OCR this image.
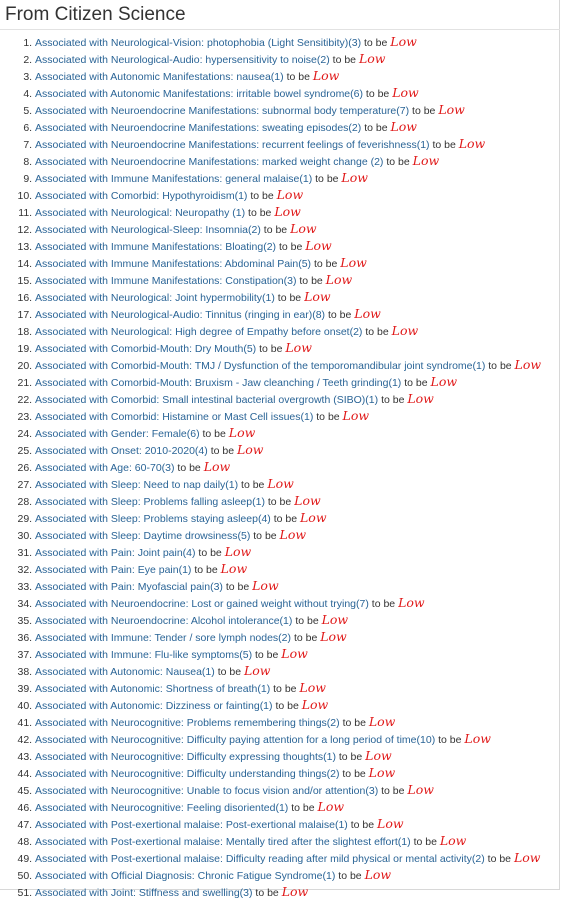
From Citizen Science
1. Associated with Neurological-Vision: photophobia (Light Sensitibity)(3) to be Low
2. Associated with Neurological-Audio: hypersensitivity to noise(2) to be Low
3. Associated with Autonomic Manifestations: nausea(1) to be Low
4. Associated with Autonomic Manifestations: irritable bowel syndrome(6) to be Low
5. Associated with Neuroendocrine Manifestations: subnormal body temperature(7) to be Low
6. Associated with Neuroendocrine Manifestations: sweating episodes(2) to be Low
7. Associated with Neuroendocrine Manifestations: recurrent feelings of feverishness(1) to be Low
8. Associated with Neuroendocrine Manifestations: marked weight change (2) to be Low
9. Associated with Immune Manifestations: general malaise(1) to be Low
10. Associated with Comorbid: Hypothyroidism(1) to be Low
11. Associated with Neurological: Neuropathy (1) to be Low
12. Associated with Neurological-Sleep: Insomnia(2) to be Low
13. Associated with Immune Manifestations: Bloating(2) to be Low
14. Associated with Immune Manifestations: Abdominal Pain(5) to be Low
15. Associated with Immune Manifestations: Constipation(3) to be Low
16. Associated with Neurological: Joint hypermobility(1) to be Low
17. Associated with Neurological-Audio: Tinnitus (ringing in ear)(8) to be Low
18. Associated with Neurological: High degree of Empathy before onset(2) to be Low
19. Associated with Comorbid-Mouth: Dry Mouth(5) to be Low
20. Associated with Comorbid-Mouth: TMJ / Dysfunction of the temporomandibular joint syndrome(1) to be Low
21. Associated with Comorbid-Mouth: Bruxism - Jaw cleanching / Teeth grinding(1) to be Low
22. Associated with Comorbid: Small intestinal bacterial overgrowth (SIBO)(1) to be Low
23. Associated with Comorbid: Histamine or Mast Cell issues(1) to be Low
24. Associated with Gender: Female(6) to be Low
25. Associated with Onset: 2010-2020(4) to be Low
26. Associated with Age: 60-70(3) to be Low
27. Associated with Sleep: Need to nap daily(1) to be Low
28. Associated with Sleep: Problems falling asleep(1) to be Low
29. Associated with Sleep: Problems staying asleep(4) to be Low
30. Associated with Sleep: Daytime drowsiness(5) to be Low
31. Associated with Pain: Joint pain(4) to be Low
32. Associated with Pain: Eye pain(1) to be Low
33. Associated with Pain: Myofascial pain(3) to be Low
34. Associated with Neuroendocrine: Lost or gained weight without trying(7) to be Low
35. Associated with Neuroendocrine: Alcohol intolerance(1) to be Low
36. Associated with Immune: Tender / sore lymph nodes(2) to be Low
37. Associated with Immune: Flu-like symptoms(5) to be Low
38. Associated with Autonomic: Nausea(1) to be Low
39. Associated with Autonomic: Shortness of breath(1) to be Low
40. Associated with Autonomic: Dizziness or fainting(1) to be Low
41. Associated with Neurocognitive: Problems remembering things(2) to be Low
42. Associated with Neurocognitive: Difficulty paying attention for a long period of time(10) to be Low
43. Associated with Neurocognitive: Difficulty expressing thoughts(1) to be Low
44. Associated with Neurocognitive: Difficulty understanding things(2) to be Low
45. Associated with Neurocognitive: Unable to focus vision and/or attention(3) to be Low
46. Associated with Neurocognitive: Feeling disoriented(1) to be Low
47. Associated with Post-exertional malaise: Post-exertional malaise(1) to be Low
48. Associated with Post-exertional malaise: Mentally tired after the slightest effort(1) to be Low
49. Associated with Post-exertional malaise: Difficulty reading after mild physical or mental activity(2) to be Low
50. Associated with Official Diagnosis: Chronic Fatigue Syndrome(1) to be Low
51. Associated with Joint: Stiffness and swelling(3) to be Low
